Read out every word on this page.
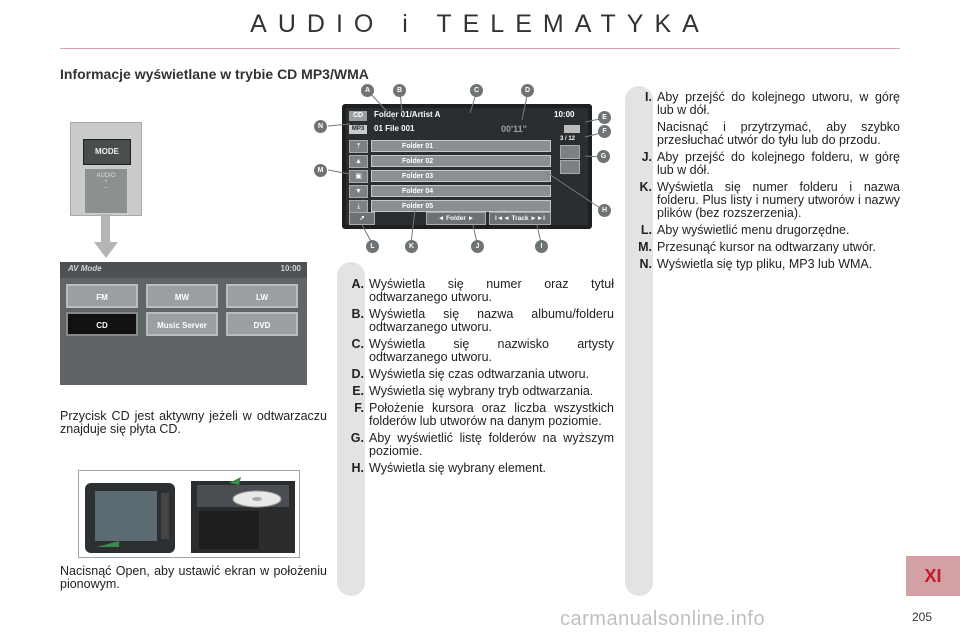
AUDIO i TELEMATYKA
Informacje wyświetlane w trybie CD MP3/WMA
MODE
AUDIO
+
–
AV Mode	10:00
FM	MW	LW
CD	Music Server	DVD
Przycisk CD jest aktywny jeżeli w odtwarzaczu znajduje się płyta CD.
Nacisnąć Open, aby ustawić ekran w położeniu pionowym.
CD	Folder 01/Artist A	10:00
MP3	01 File 001	00'11"
3 / 12
⤒
▲
▣
▼
⤓
Folder 01
Folder 02
Folder 03
Folder 04
Folder 05
↗	◄ Folder ►	I◄◄ Track ►►I
A	B	C	D
E
F
G
H
I
J
K
L
M
N
A. Wyświetla się numer oraz tytuł odtwarzanego utworu.
B. Wyświetla się nazwa albumu/folderu odtwarzanego utworu.
C. Wyświetla się nazwisko artysty odtwarzanego utworu.
D. Wyświetla się czas odtwarzania utworu.
E. Wyświetla się wybrany tryb odtwarzania.
F. Położenie kursora oraz liczba wszystkich folderów lub utworów na danym poziomie.
G. Aby wyświetlić listę folderów na wyższym poziomie.
H. Wyświetla się wybrany element.
I. Aby przejść do kolejnego utworu, w górę lub w dół.

Nacisnąć i przytrzymać, aby szybko przesłuchać utwór do tyłu lub do przodu.

J. Aby przejść do kolejnego folderu, w górę lub w dół.
K. Wyświetla się numer folderu i nazwa folderu. Plus listy i numery utworów i nazwy plików (bez rozszerzenia).
L. Aby wyświetlić menu drugorzędne.
M. Przesunąć kursor na odtwarzany utwór.
N. Wyświetla się typ pliku, MP3 lub WMA.
XI
carmanualsonline.info	205
